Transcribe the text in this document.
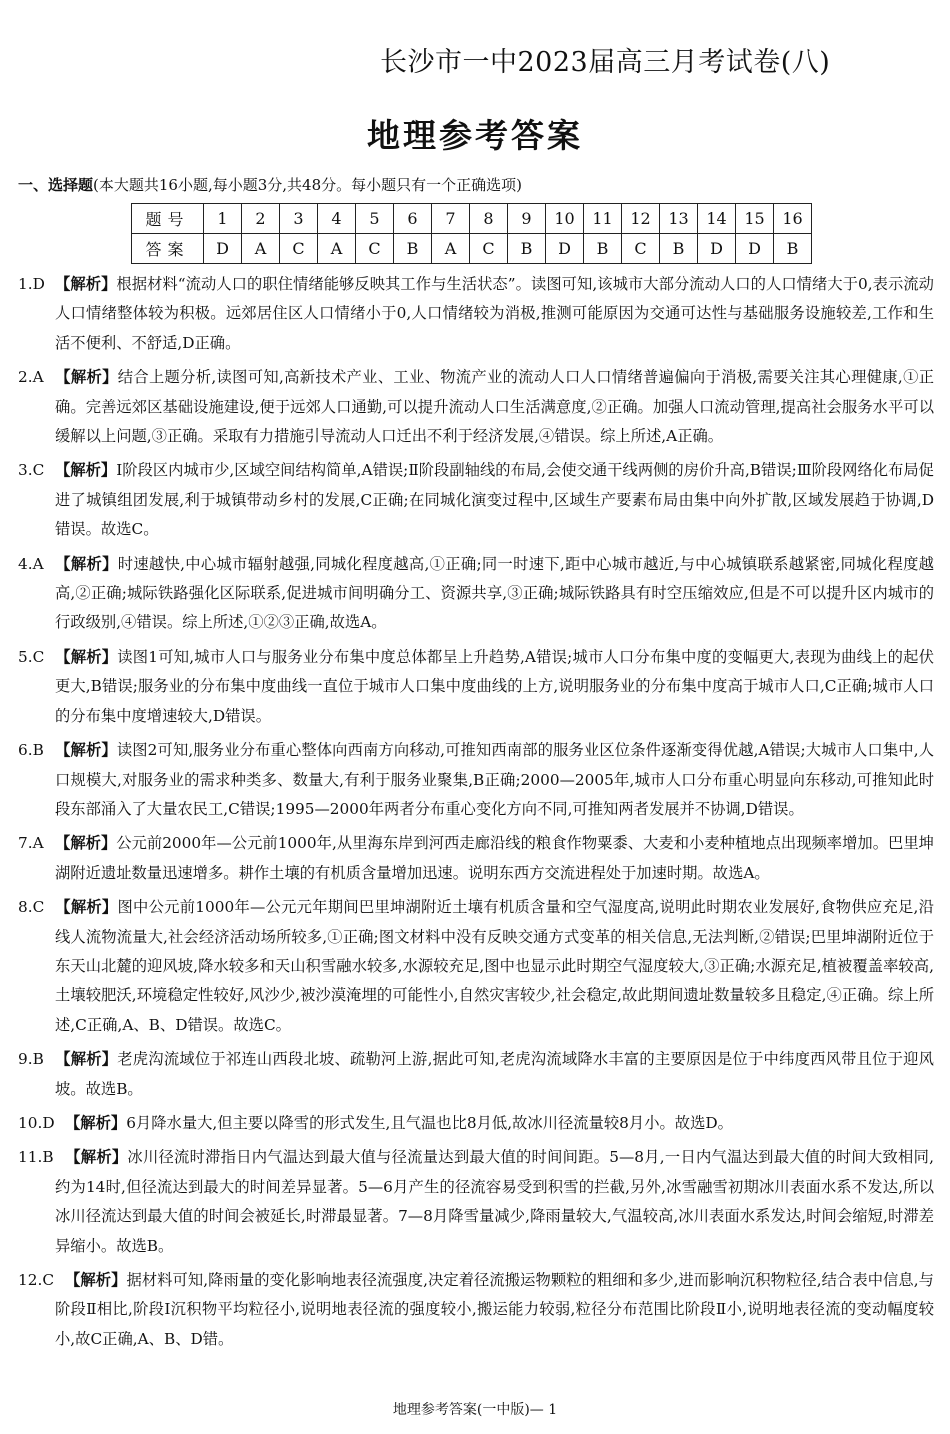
长沙市一中2023届高三月考试卷(八)
地理参考答案
一、选择题(本大题共16小题,每小题3分,共48分。每小题只有一个正确选项)
题号	1	2	3	4	5	6	7	8	9	10	11	12	13	14	15	16
答案	D	A	C	A	C	B	A	C	B	D	B	C	B	D	D	B
1.D 【解析】根据材料“流动人口的职住情绪能够反映其工作与生活状态”。读图可知,该城市大部分流动人口的人口情绪大于0,表示流动人口情绪整体较为积极。远郊居住区人口情绪小于0,人口情绪较为消极,推测可能原因为交通可达性与基础服务设施较差,工作和生活不便利、不舒适,D正确。
2.A 【解析】结合上题分析,读图可知,高新技术产业、工业、物流产业的流动人口人口情绪普遍偏向于消极,需要关注其心理健康,①正确。完善远郊区基础设施建设,便于远郊人口通勤,可以提升流动人口生活满意度,②正确。加强人口流动管理,提高社会服务水平可以缓解以上问题,③正确。采取有力措施引导流动人口迁出不利于经济发展,④错误。综上所述,A正确。
3.C 【解析】Ⅰ阶段区内城市少,区域空间结构简单,A错误;Ⅱ阶段副轴线的布局,会使交通干线两侧的房价升高,B错误;Ⅲ阶段网络化布局促进了城镇组团发展,利于城镇带动乡村的发展,C正确;在同城化演变过程中,区域生产要素布局由集中向外扩散,区域发展趋于协调,D错误。故选C。
4.A 【解析】时速越快,中心城市辐射越强,同城化程度越高,①正确;同一时速下,距中心城市越近,与中心城镇联系越紧密,同城化程度越高,②正确;城际铁路强化区际联系,促进城市间明确分工、资源共享,③正确;城际铁路具有时空压缩效应,但是不可以提升区内城市的行政级别,④错误。综上所述,①②③正确,故选A。
5.C 【解析】读图1可知,城市人口与服务业分布集中度总体都呈上升趋势,A错误;城市人口分布集中度的变幅更大,表现为曲线上的起伏更大,B错误;服务业的分布集中度曲线一直位于城市人口集中度曲线的上方,说明服务业的分布集中度高于城市人口,C正确;城市人口的分布集中度增速较大,D错误。
6.B 【解析】读图2可知,服务业分布重心整体向西南方向移动,可推知西南部的服务业区位条件逐渐变得优越,A错误;大城市人口集中,人口规模大,对服务业的需求种类多、数量大,有利于服务业聚集,B正确;2000—2005年,城市人口分布重心明显向东移动,可推知此时段东部涌入了大量农民工,C错误;1995—2000年两者分布重心变化方向不同,可推知两者发展并不协调,D错误。
7.A 【解析】公元前2000年—公元前1000年,从里海东岸到河西走廊沿线的粮食作物粟黍、大麦和小麦种植地点出现频率增加。巴里坤湖附近遗址数量迅速增多。耕作土壤的有机质含量增加迅速。说明东西方交流进程处于加速时期。故选A。
8.C 【解析】图中公元前1000年—公元元年期间巴里坤湖附近土壤有机质含量和空气湿度高,说明此时期农业发展好,食物供应充足,沿线人流物流量大,社会经济活动场所较多,①正确;图文材料中没有反映交通方式变革的相关信息,无法判断,②错误;巴里坤湖附近位于东天山北麓的迎风坡,降水较多和天山积雪融水较多,水源较充足,图中也显示此时期空气湿度较大,③正确;水源充足,植被覆盖率较高,土壤较肥沃,环境稳定性较好,风沙少,被沙漠淹埋的可能性小,自然灾害较少,社会稳定,故此期间遗址数量较多且稳定,④正确。综上所述,C正确,A、B、D错误。故选C。
9.B 【解析】老虎沟流域位于祁连山西段北坡、疏勒河上游,据此可知,老虎沟流域降水丰富的主要原因是位于中纬度西风带且位于迎风坡。故选B。
10.D 【解析】6月降水量大,但主要以降雪的形式发生,且气温也比8月低,故冰川径流量较8月小。故选D。
11.B 【解析】冰川径流时滞指日内气温达到最大值与径流量达到最大值的时间间距。5—8月,一日内气温达到最大值的时间大致相同,约为14时,但径流达到最大的时间差异显著。5—6月产生的径流容易受到积雪的拦截,另外,冰雪融雪初期冰川表面水系不发达,所以冰川径流达到最大值的时间会被延长,时滞最显著。7—8月降雪量减少,降雨量较大,气温较高,冰川表面水系发达,时间会缩短,时滞差异缩小。故选B。
12.C 【解析】据材料可知,降雨量的变化影响地表径流强度,决定着径流搬运物颗粒的粗细和多少,进而影响沉积物粒径,结合表中信息,与阶段Ⅱ相比,阶段Ⅰ沉积物平均粒径小,说明地表径流的强度较小,搬运能力较弱,粒径分布范围比阶段Ⅱ小,说明地表径流的变动幅度较小,故C正确,A、B、D错。
地理参考答案(一中版)— 1
